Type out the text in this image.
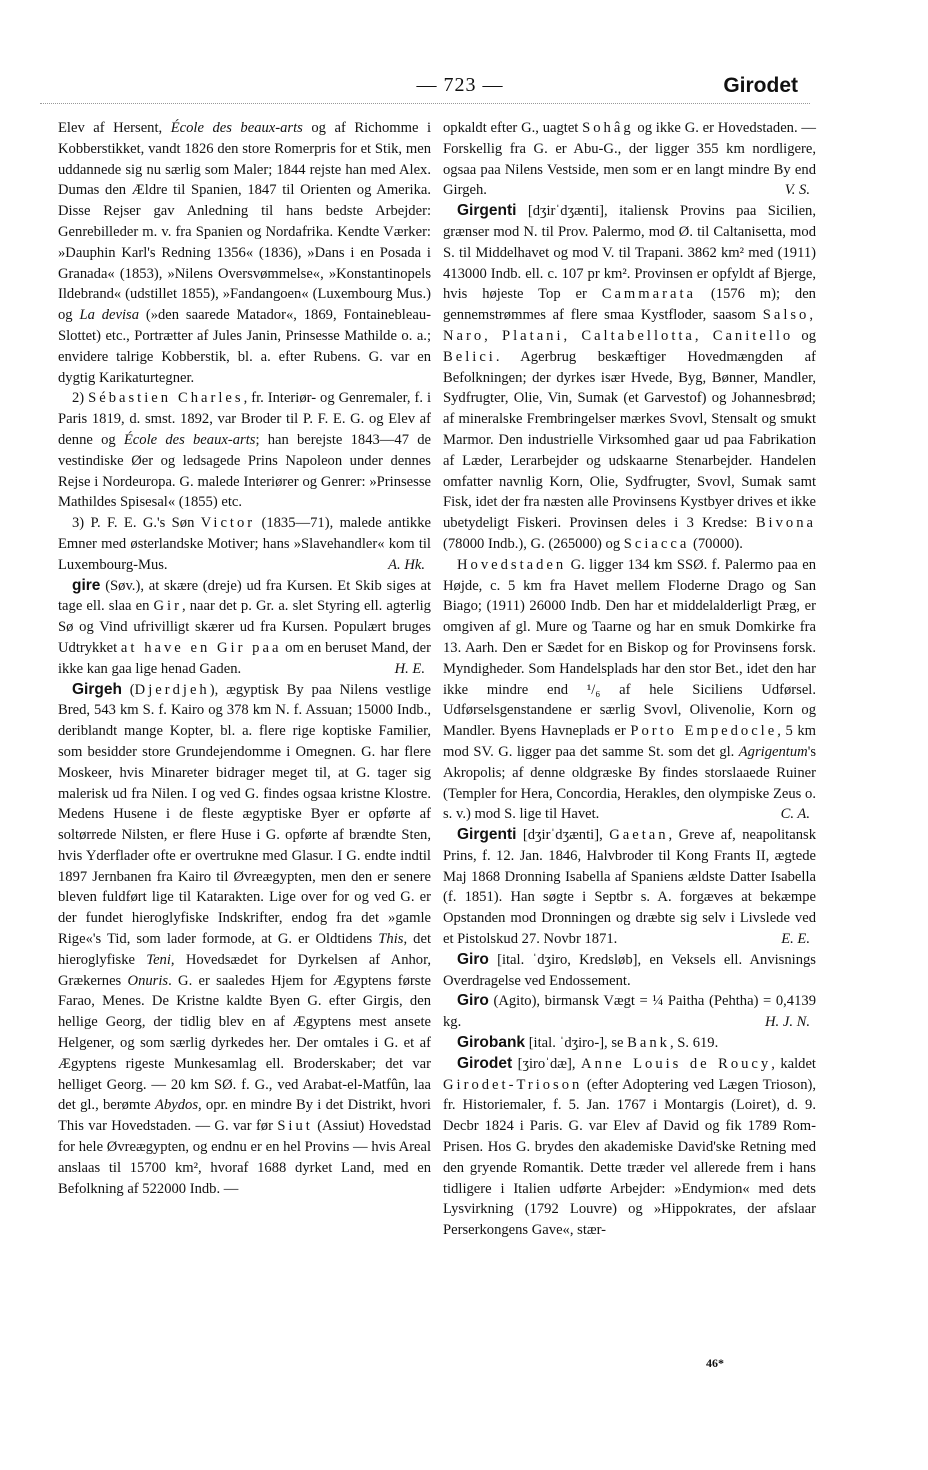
— 723 —	Girodet

Elev af Hersent, École des beaux-arts og af Richomme i Kobberstikket, vandt 1826 den store Romerpris for et Stik, men uddannede sig nu særlig som Maler; 1844 rejste han med Alex. Dumas den Ældre til Spanien, 1847 til Orienten og Amerika. Disse Rejser gav Anledning til hans bedste Arbejder: Genrebilleder m. v. fra Spanien og Nordafrika. Kendte Værker: »Dauphin Karl's Redning 1356« (1836), »Dans i en Posada i Granada« (1853), »Nilens Oversvømmelse«, »Konstantinopels Ildebrand« (udstillet 1855), »Fandangoen« (Luxembourg Mus.) og La devisa (»den saarede Matador«, 1869, Fontainebleau-Slottet) etc., Portrætter af Jules Janin, Prinsesse Mathilde o. a.; envidere talrige Kobberstik, bl. a. efter Rubens. G. var en dygtig Karikaturtegner.

2) Sébastien Charles, fr. Interiør- og Genremaler, f. i Paris 1819, d. smst. 1892, var Broder til P. F. E. G. og Elev af denne og École des beaux-arts; han berejste 1843—47 de vestindiske Øer og ledsagede Prins Napoleon under dennes Rejse i Nordeuropa. G. malede Interiører og Genrer: »Prinsesse Mathildes Spisesal« (1855) etc.

3) P. F. E. G.'s Søn Victor (1835—71), malede antikke Emner med østerlandske Motiver; hans »Slavehandler« kom til Luxembourg-Mus.	A. Hk.

gire (Søv.), at skære (dreje) ud fra Kursen. Et Skib siges at tage ell. slaa en Gir, naar det p. Gr. a. slet Styring ell. agterlig Sø og Vind ufrivilligt skærer ud fra Kursen. Populært bruges Udtrykket at have en Gir paa om en beruset Mand, der ikke kan gaa lige henad Gaden.	H. E.

Girgeh (Djerdjeh), ægyptisk By paa Nilens vestlige Bred, 543 km S. f. Kairo og 378 km N. f. Assuan; 15000 Indb., deriblandt mange Kopter, bl. a. flere rige koptiske Familier, som besidder store Grundejendomme i Omegnen. G. har flere Moskeer, hvis Minareter bidrager meget til, at G. tager sig malerisk ud fra Nilen. I og ved G. findes ogsaa kristne Klostre. Medens Husene i de fleste ægyptiske Byer er opførte af soltørrede Nilsten, er flere Huse i G. opførte af brændte Sten, hvis Yderflader ofte er overtrukne med Glasur. I G. endte indtil 1897 Jernbanen fra Kairo til Øvreægypten, men den er senere bleven fuldført lige til Katarakten. Lige over for og ved G. er der fundet hieroglyfiske Indskrifter, endog fra det »gamle Rige«'s Tid, som lader formode, at G. er Oldtidens This, det hieroglyfiske Teni, Hovedsædet for Dyrkelsen af Anhor, Grækernes Onuris. G. er saaledes Hjem for Ægyptens første Farao, Menes. De Kristne kaldte Byen G. efter Girgis, den hellige Georg, der tidlig blev en af Ægyptens mest ansete Helgener, og som særlig dyrkedes her. Der omtales i G. et af Ægyptens rigeste Munkesamlag ell. Broderskaber; det var helliget Georg. — 20 km SØ. f. G., ved Arabat-el-Matfûn, laa det gl., berømte Abydos, opr. en mindre By i det Distrikt, hvori This var Hovedstaden. — G. var før Siut (Assiut) Hovedstad for hele Øvreægypten, og endnu er en hel Provins — hvis Areal anslaas til 15700 km², hvoraf 1688 dyrket Land, med en Befolkning af 522000 Indb. —

opkaldt efter G., uagtet Sohâg og ikke G. er Hovedstaden. — Forskellig fra G. er Abu-G., der ligger 355 km nordligere, ogsaa paa Nilens Vestside, men som er en langt mindre By end Girgeh.	V. S.

Girgenti [dʒirˈdʒænti], italiensk Provins paa Sicilien, grænser mod N. til Prov. Palermo, mod Ø. til Caltanisetta, mod S. til Middelhavet og mod V. til Trapani. 3862 km² med (1911) 413000 Indb. ell. c. 107 pr km². Provinsen er opfyldt af Bjerge, hvis højeste Top er Cammarata (1576 m); den gennemstrømmes af flere smaa Kystfloder, saasom Salso, Naro, Platani, Caltabellotta, Canitello og Belici. Agerbrug beskæftiger Hovedmængden af Befolkningen; der dyrkes især Hvede, Byg, Bønner, Mandler, Sydfrugter, Olie, Vin, Sumak (et Garvestof) og Johannesbrød; af mineralske Frembringelser mærkes Svovl, Stensalt og smukt Marmor. Den industrielle Virksomhed gaar ud paa Fabrikation af Læder, Lerarbejder og udskaarne Stenarbejder. Handelen omfatter navnlig Korn, Olie, Sydfrugter, Svovl, Sumak samt Fisk, idet der fra næsten alle Provinsens Kystbyer drives et ikke ubetydeligt Fiskeri. Provinsen deles i 3 Kredse: Bivona (78000 Indb.), G. (265000) og Sciacca (70000).

Hovedstaden G. ligger 134 km SSØ. f. Palermo paa en Højde, c. 5 km fra Havet mellem Floderne Drago og San Biago; (1911) 26000 Indb. Den har et middelalderligt Præg, er omgiven af gl. Mure og Taarne og har en smuk Domkirke fra 13. Aarh. Den er Sædet for en Biskop og for Provinsens forsk. Myndigheder. Som Handelsplads har den stor Bet., idet den har ikke mindre end ¹/₆ af hele Siciliens Udførsel. Udførselsgenstandene er særlig Svovl, Olivenolie, Korn og Mandler. Byens Havneplads er Porto Empedocle, 5 km mod SV. G. ligger paa det samme St. som det gl. Agrigentum's Akropolis; af denne oldgræske By findes storslaaede Ruiner (Templer for Hera, Concordia, Herakles, den olympiske Zeus o. s. v.) mod S. lige til Havet.	C. A.

Girgenti [dʒirˈdʒænti], Gaetan, Greve af, neapolitansk Prins, f. 12. Jan. 1846, Halvbroder til Kong Frants II, ægtede Maj 1868 Dronning Isabella af Spaniens ældste Datter Isabella (f. 1851). Han søgte i Septbr s. A. forgæves at bekæmpe Opstanden mod Dronningen og dræbte sig selv i Livslede ved et Pistolskud 27. Novbr 1871.	E. E.

Giro [ital. ˈdʒiro, Kredsløb], en Veksels ell. Anvisnings Overdragelse ved Endossement.

Giro (Agito), birmansk Vægt = ¼ Paitha (Pehtha) = 0,4139 kg.	H. J. N.

Girobank [ital. ˈdʒiro-], se Bank, S. 619.

Girodet [ʒiroˈdæ], Anne Louis de Roucy, kaldet Girodet-Trioson (efter Adoptering ved Lægen Trioson), fr. Historiemaler, f. 5. Jan. 1767 i Montargis (Loiret), d. 9. Decbr 1824 i Paris. G. var Elev af David og fik 1789 Rom-Prisen. Hos G. brydes den akademiske David'ske Retning med den gryende Romantik. Dette træder vel allerede frem i hans tidligere i Italien udførte Arbejder: »Endymion« med dets Lysvirkning (1792 Louvre) og »Hippokrates, der afslaar Perserkongens Gave«, stær-

46*
